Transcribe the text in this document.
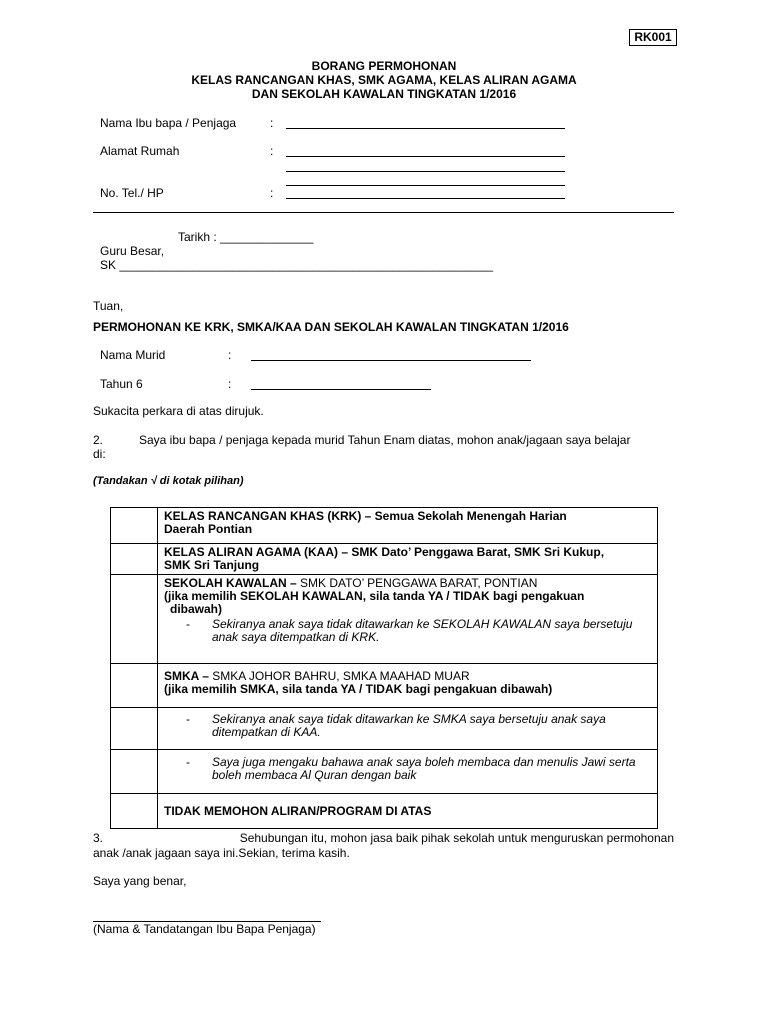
RK001
BORANG PERMOHONAN
KELAS RANCANGAN KHAS, SMK AGAMA, KELAS ALIRAN AGAMA
DAN SEKOLAH KAWALAN TINGKATAN 1/2016
Nama Ibu bapa / Penjaga	:
Alamat Rumah	:
No. Tel./ HP	:
Tarikh : ______________
Guru Besar,
SK ________________________________________________________
Tuan,
PERMOHONAN KE KRK, SMKA/KAA DAN SEKOLAH KAWALAN TINGKATAN 1/2016
Nama Murid	:
Tahun 6	:
Sukacita perkara di atas dirujuk.
2.	Saya ibu bapa / penjaga kepada murid Tahun Enam diatas, mohon anak/jagaan saya belajar
di:
(Tandakan √ di kotak pilihan)

	KELAS RANCANGAN KHAS (KRK) – Semua Sekolah Menengah Harian
Daerah Pontian

	KELAS ALIRAN AGAMA (KAA) – SMK Dato’ Penggawa Barat, SMK Sri Kukup,
SMK Sri Tanjung

	SEKOLAH KAWALAN – SMK DATO’ PENGGAWA BARAT, PONTIAN
(jika memilih SEKOLAH KAWALAN, sila tanda YA / TIDAK bagi pengakuan
dibawah)
- Sekiranya anak saya tidak ditawarkan ke SEKOLAH KAWALAN saya bersetuju anak saya ditempatkan di KRK.

	SMKA – SMKA JOHOR BAHRU, SMKA MAAHAD MUAR
(jika memilih SMKA, sila tanda YA / TIDAK bagi pengakuan dibawah)

	- Sekiranya anak saya tidak ditawarkan ke SMKA saya bersetuju anak saya ditempatkan di KAA.

	- Saya juga mengaku bahawa anak saya boleh membaca dan menulis Jawi serta boleh membaca Al Quran dengan baik

	TIDAK MEMOHON ALIRAN/PROGRAM DI ATAS
3.	Sehubungan itu, mohon jasa baik pihak sekolah untuk menguruskan permohonan
anak /anak jagaan saya ini.Sekian, terima kasih.
Saya yang benar,
(Nama & Tandatangan Ibu Bapa Penjaga)
